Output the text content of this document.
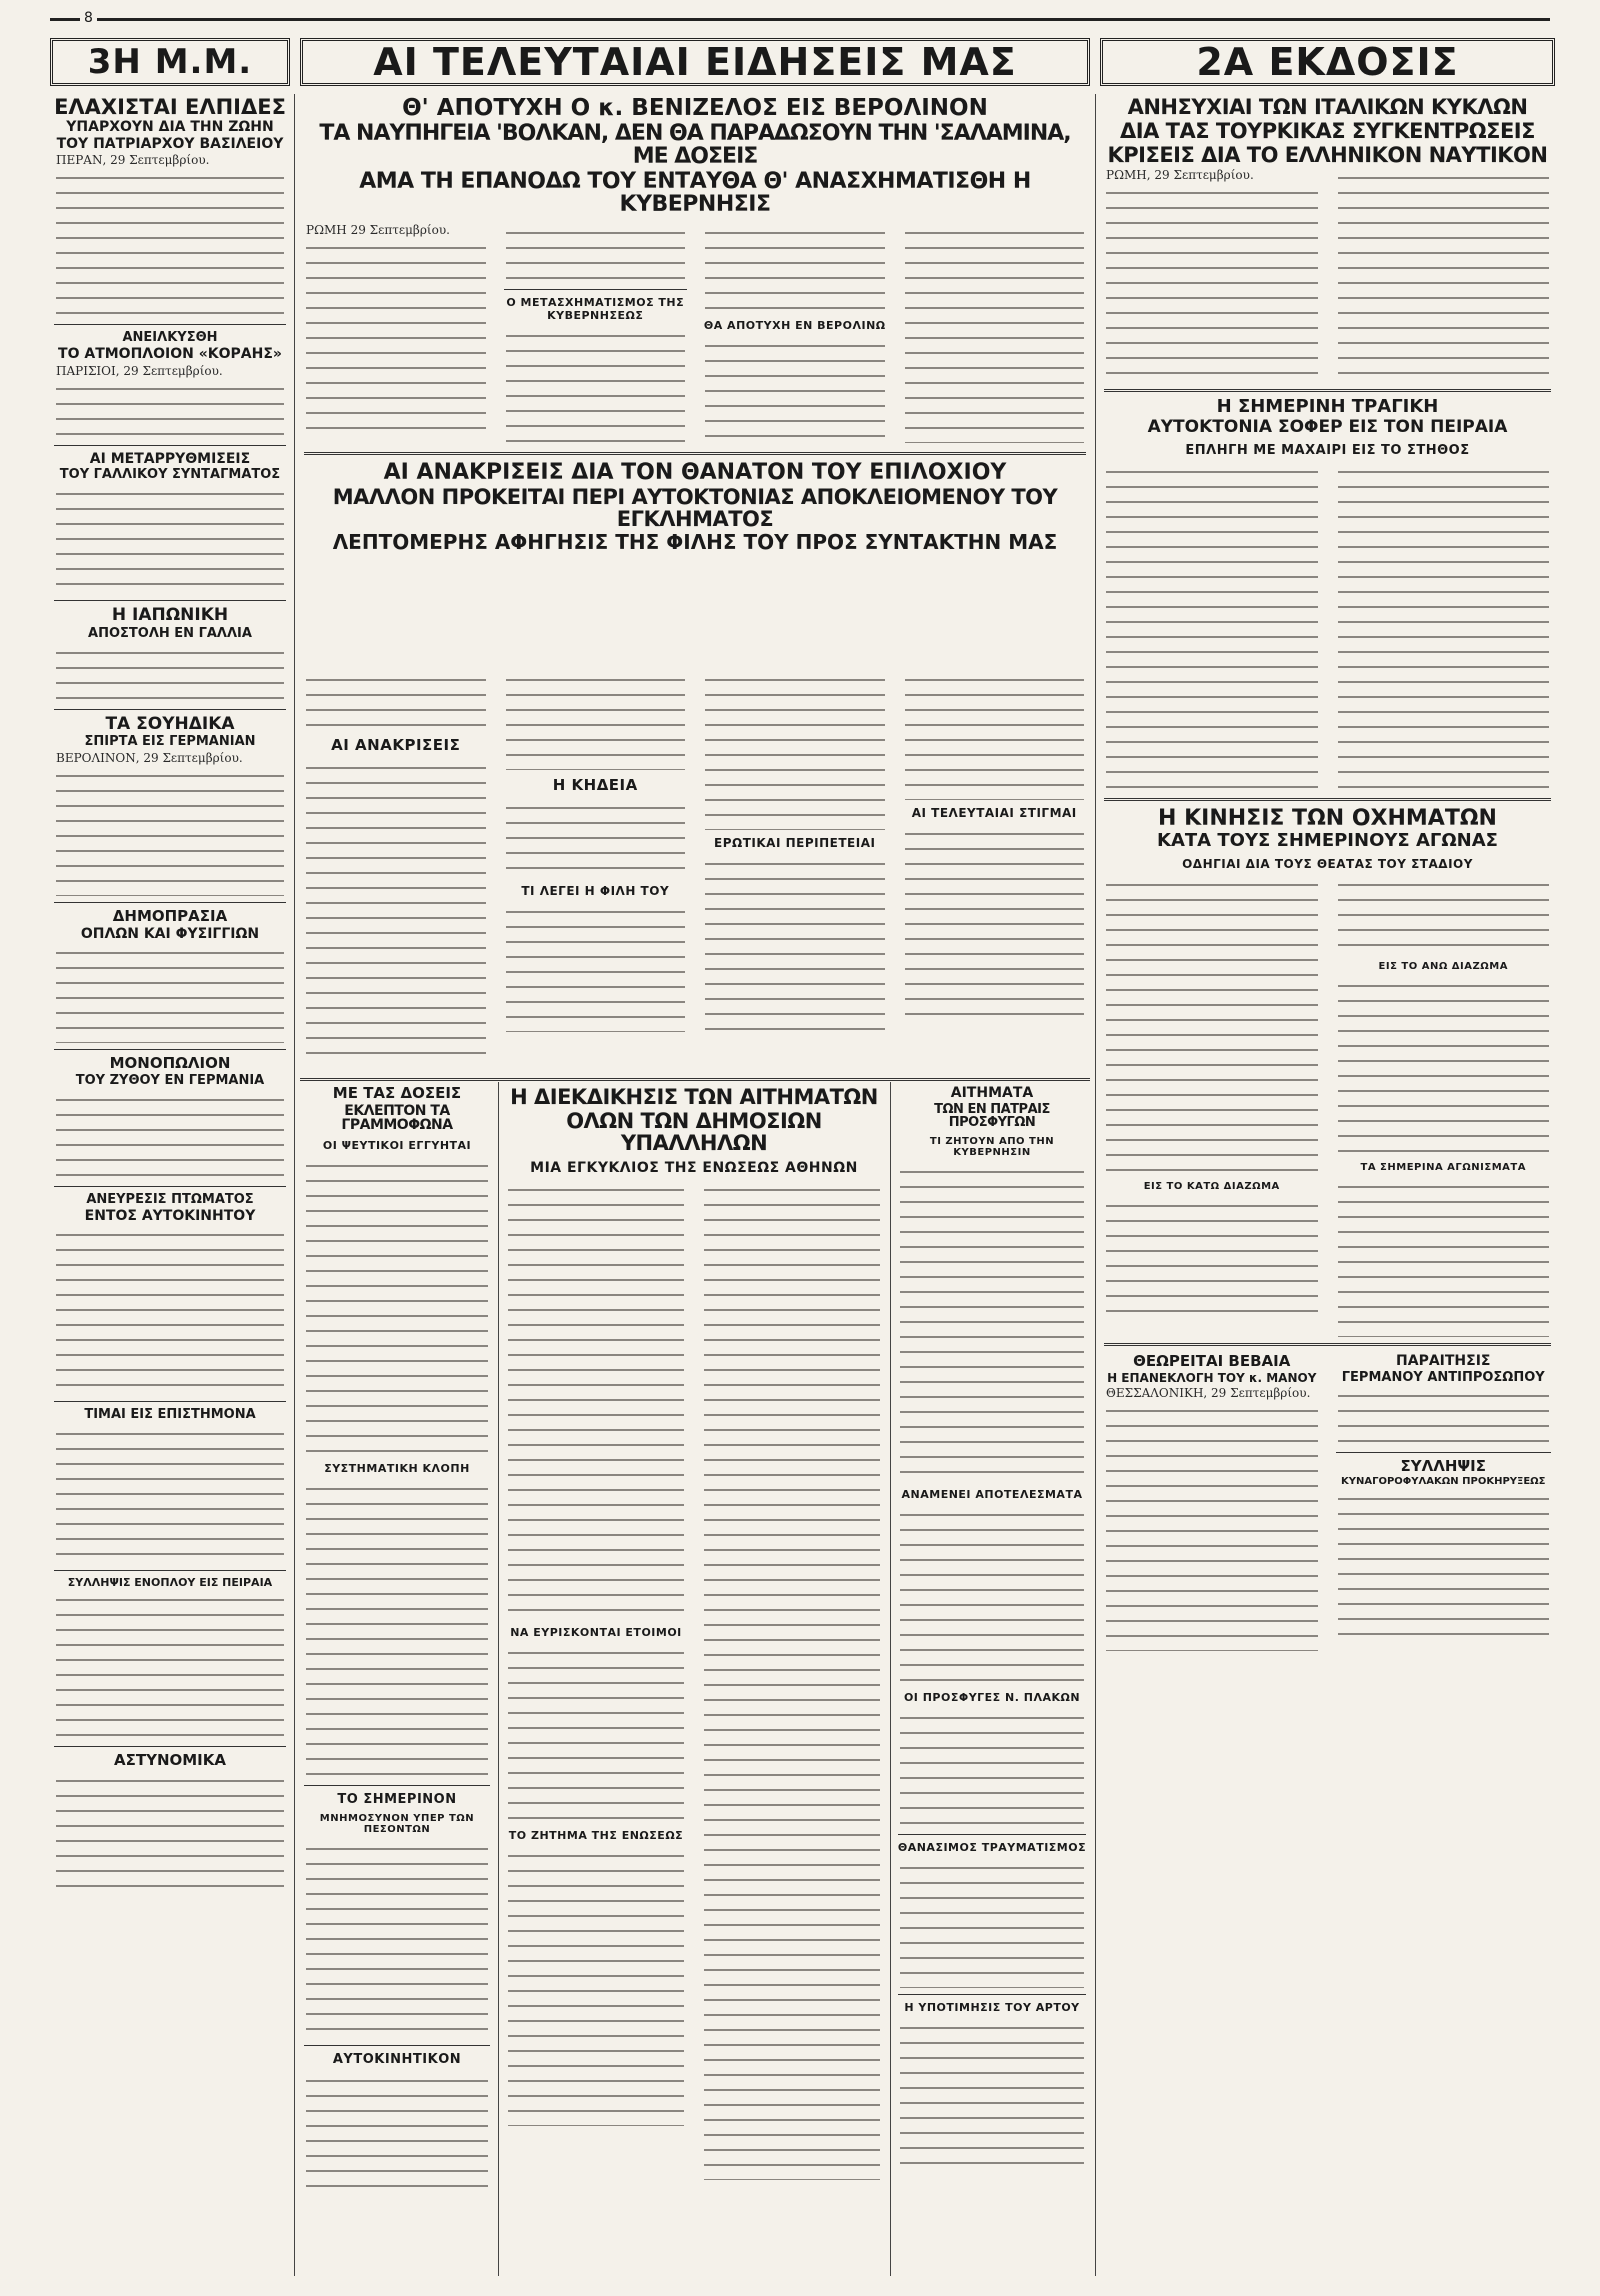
8
3Η Μ.Μ.	ΑΙ ΤΕΛΕΥΤΑΙΑΙ ΕΙΔΗΣΕΙΣ ΜΑΣ	2Α ΕΚΔΟΣΙΣ
ΕΛΑΧΙΣΤΑΙ ΕΛΠΙΔΕΣ
ΥΠΑΡΧΟΥΝ ΔΙΑ ΤΗΝ ΖΩΗΝ
ΤΟΥ ΠΑΤΡΙΑΡΧΟΥ ΒΑΣΙΛΕΙΟΥ
ΠΕΡΑΝ, 29 Σεπτεμβρίου.
ΑΝΕΙΛΚΥΣΘΗ
ΤΟ ΑΤΜΟΠΛΟΙΟΝ «ΚΟΡΑΗΣ»
ΠΑΡΙΣΙΟΙ, 29 Σεπτεμβρίου.
ΑΙ ΜΕΤΑΡΡΥΘΜΙΣΕΙΣ
ΤΟΥ ΓΑΛΛΙΚΟΥ ΣΥΝΤΑΓΜΑΤΟΣ
Η ΙΑΠΩΝΙΚΗ
ΑΠΟΣΤΟΛΗ ΕΝ ΓΑΛΛΙΑ
ΤΑ ΣΟΥΗΔΙΚΑ
ΣΠΙΡΤΑ ΕΙΣ ΓΕΡΜΑΝΙΑΝ
ΒΕΡΟΛΙΝΟΝ, 29 Σεπτεμβρίου.
ΔΗΜΟΠΡΑΣΙΑ
ΟΠΛΩΝ ΚΑΙ ΦΥΣΙΓΓΙΩΝ
ΜΟΝΟΠΩΛΙΟΝ
ΤΟΥ ΖΥΘΟΥ ΕΝ ΓΕΡΜΑΝΙΑ
ΑΝΕΥΡΕΣΙΣ ΠΤΩΜΑΤΟΣ
ΕΝΤΟΣ ΑΥΤΟΚΙΝΗΤΟΥ
ΤΙΜΑΙ ΕΙΣ ΕΠΙΣΤΗΜΟΝΑ
ΣΥΛΛΗΨΙΣ ΕΝΟΠΛΟΥ ΕΙΣ ΠΕΙΡΑΙΑ
ΑΣΤΥΝΟΜΙΚΑ
Θ' ΑΠΟΤΥΧΗ Ο κ. ΒΕΝΙΖΕΛΟΣ ΕΙΣ ΒΕΡΟΛΙΝΟΝ
ΤΑ ΝΑΥΠΗΓΕΙΑ 'ΒΟΛΚΑΝ, ΔΕΝ ΘΑ ΠΑΡΑΔΩΣΟΥΝ ΤΗΝ 'ΣΑΛΑΜΙΝΑ, ΜΕ ΔΟΣΕΙΣ
ΑΜΑ ΤΗ ΕΠΑΝΟΔΩ ΤΟΥ ΕΝΤΑΥΘΑ Θ' ΑΝΑΣΧΗΜΑΤΙΣΘΗ Η ΚΥΒΕΡΝΗΣΙΣ
ΡΩΜΗ 29 Σεπτεμβρίου.
Ο ΜΕΤΑΣΧΗΜΑΤΙΣΜΟΣ ΤΗΣ ΚΥΒΕΡΝΗΣΕΩΣ
ΘΑ ΑΠΟΤΥΧΗ ΕΝ ΒΕΡΟΛΙΝΩ
ΑΙ ΑΝΑΚΡΙΣΕΙΣ ΔΙΑ ΤΟΝ ΘΑΝΑΤΟΝ ΤΟΥ ΕΠΙΛΟΧΙΟΥ
ΜΑΛΛΟΝ ΠΡΟΚΕΙΤΑΙ ΠΕΡΙ ΑΥΤΟΚΤΟΝΙΑΣ ΑΠΟΚΛΕΙΟΜΕΝΟΥ ΤΟΥ ΕΓΚΛΗΜΑΤΟΣ
ΛΕΠΤΟΜΕΡΗΣ ΑΦΗΓΗΣΙΣ ΤΗΣ ΦΙΛΗΣ ΤΟΥ ΠΡΟΣ ΣΥΝΤΑΚΤΗΝ ΜΑΣ
ΑΙ ΑΝΑΚΡΙΣΕΙΣ
Η ΚΗΔΕΙΑ
ΤΙ ΛΕΓΕΙ Η ΦΙΛΗ ΤΟΥ
ΕΡΩΤΙΚΑΙ ΠΕΡΙΠΕΤΕΙΑΙ
ΑΙ ΤΕΛΕΥΤΑΙΑΙ ΣΤΙΓΜΑΙ
ΜΕ ΤΑΣ ΔΟΣΕΙΣ
ΕΚΛΕΠΤΟΝ ΤΑ ΓΡΑΜΜΟΦΩΝΑ
ΟΙ ΨΕΥΤΙΚΟΙ ΕΓΓΥΗΤΑΙ
ΣΥΣΤΗΜΑΤΙΚΗ ΚΛΟΠΗ
ΤΟ ΣΗΜΕΡΙΝΟΝ
ΜΝΗΜΟΣΥΝΟΝ ΥΠΕΡ ΤΩΝ ΠΕΣΟΝΤΩΝ
ΑΥΤΟΚΙΝΗΤΙΚΟΝ
Η ΔΙΕΚΔΙΚΗΣΙΣ ΤΩΝ ΑΙΤΗΜΑΤΩΝ
ΟΛΩΝ ΤΩΝ ΔΗΜΟΣΙΩΝ ΥΠΑΛΛΗΛΩΝ
ΜΙΑ ΕΓΚΥΚΛΙΟΣ ΤΗΣ ΕΝΩΣΕΩΣ ΑΘΗΝΩΝ
ΝΑ ΕΥΡΙΣΚΟΝΤΑΙ ΕΤΟΙΜΟΙ
ΤΟ ΖΗΤΗΜΑ ΤΗΣ ΕΝΩΣΕΩΣ
ΑΙΤΗΜΑΤΑ
ΤΩΝ ΕΝ ΠΑΤΡΑΙΣ ΠΡΟΣΦΥΓΩΝ
ΤΙ ΖΗΤΟΥΝ ΑΠΟ ΤΗΝ ΚΥΒΕΡΝΗΣΙΝ
ΑΝΑΜΕΝΕΙ ΑΠΟΤΕΛΕΣΜΑΤΑ
ΟΙ ΠΡΟΣΦΥΓΕΣ Ν. ΠΛΑΚΩΝ
ΘΑΝΑΣΙΜΟΣ ΤΡΑΥΜΑΤΙΣΜΟΣ
Η ΥΠΟΤΙΜΗΣΙΣ ΤΟΥ ΑΡΤΟΥ
ΑΝΗΣΥΧΙΑΙ ΤΩΝ ΙΤΑΛΙΚΩΝ ΚΥΚΛΩΝ
ΔΙΑ ΤΑΣ ΤΟΥΡΚΙΚΑΣ ΣΥΓΚΕΝΤΡΩΣΕΙΣ
ΚΡΙΣΕΙΣ ΔΙΑ ΤΟ ΕΛΛΗΝΙΚΟΝ ΝΑΥΤΙΚΟΝ
ΡΩΜΗ, 29 Σεπτεμβρίου.
Η ΣΗΜΕΡΙΝΗ ΤΡΑΓΙΚΗ
ΑΥΤΟΚΤΟΝΙΑ ΣΟΦΕΡ ΕΙΣ ΤΟΝ ΠΕΙΡΑΙΑ
ΕΠΛΗΓΗ ΜΕ ΜΑΧΑΙΡΙ ΕΙΣ ΤΟ ΣΤΗΘΟΣ
Η ΚΙΝΗΣΙΣ ΤΩΝ ΟΧΗΜΑΤΩΝ
ΚΑΤΑ ΤΟΥΣ ΣΗΜΕΡΙΝΟΥΣ ΑΓΩΝΑΣ
ΟΔΗΓΙΑΙ ΔΙΑ ΤΟΥΣ ΘΕΑΤΑΣ ΤΟΥ ΣΤΑΔΙΟΥ
ΕΙΣ ΤΟ ΚΑΤΩ ΔΙΑΖΩΜΑ
ΕΙΣ ΤΟ ΑΝΩ ΔΙΑΖΩΜΑ
ΤΑ ΣΗΜΕΡΙΝΑ ΑΓΩΝΙΣΜΑΤΑ
ΘΕΩΡΕΙΤΑΙ ΒΕΒΑΙΑ
Η ΕΠΑΝΕΚΛΟΓΗ ΤΟΥ κ. ΜΑΝΟΥ
ΘΕΣΣΑΛΟΝΙΚΗ, 29 Σεπτεμβρίου.
ΠΑΡΑΙΤΗΣΙΣ
ΓΕΡΜΑΝΟΥ ΑΝΤΙΠΡΟΣΩΠΟΥ
ΣΥΛΛΗΨΙΣ
ΚΥΝΑΓΟΡΟΦΥΛΑΚΩΝ ΠΡΟΚΗΡΥΞΕΩΣ
